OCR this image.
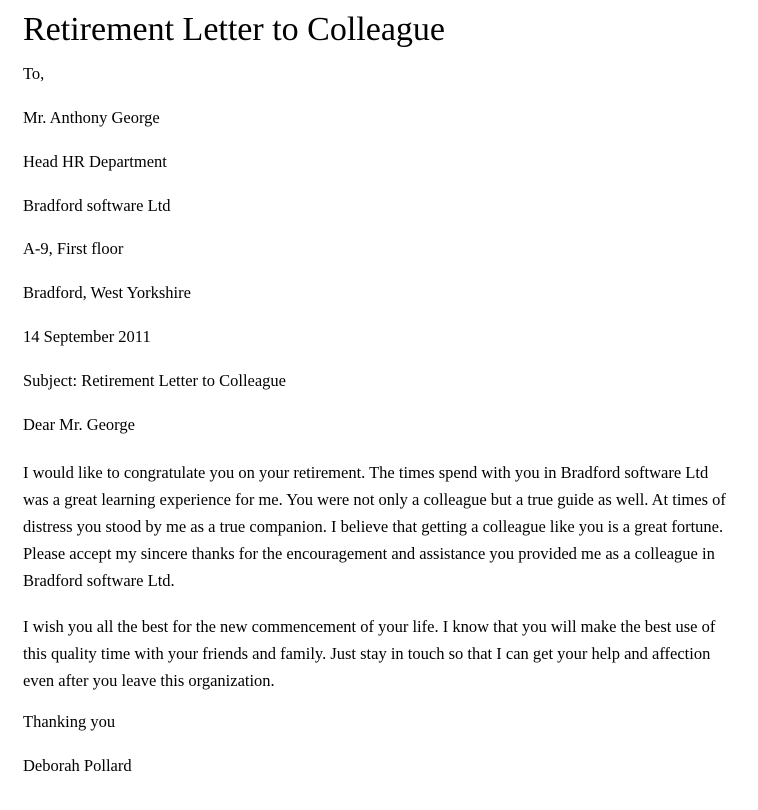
Retirement Letter to Colleague

To,

Mr. Anthony George

Head HR Department

Bradford software Ltd

A-9, First floor

Bradford, West Yorkshire

14 September 2011

Subject: Retirement Letter to Colleague

Dear Mr. George

I would like to congratulate you on your retirement. The times spend with you in Bradford software Ltd was a great learning experience for me. You were not only a colleague but a true guide as well. At times of distress you stood by me as a true companion. I believe that getting a colleague like you is a great fortune. Please accept my sincere thanks for the encouragement and assistance you provided me as a colleague in Bradford software Ltd.

I wish you all the best for the new commencement of your life. I know that you will make the best use of this quality time with your friends and family. Just stay in touch so that I can get your help and affection even after you leave this organization.

Thanking you

Deborah Pollard
